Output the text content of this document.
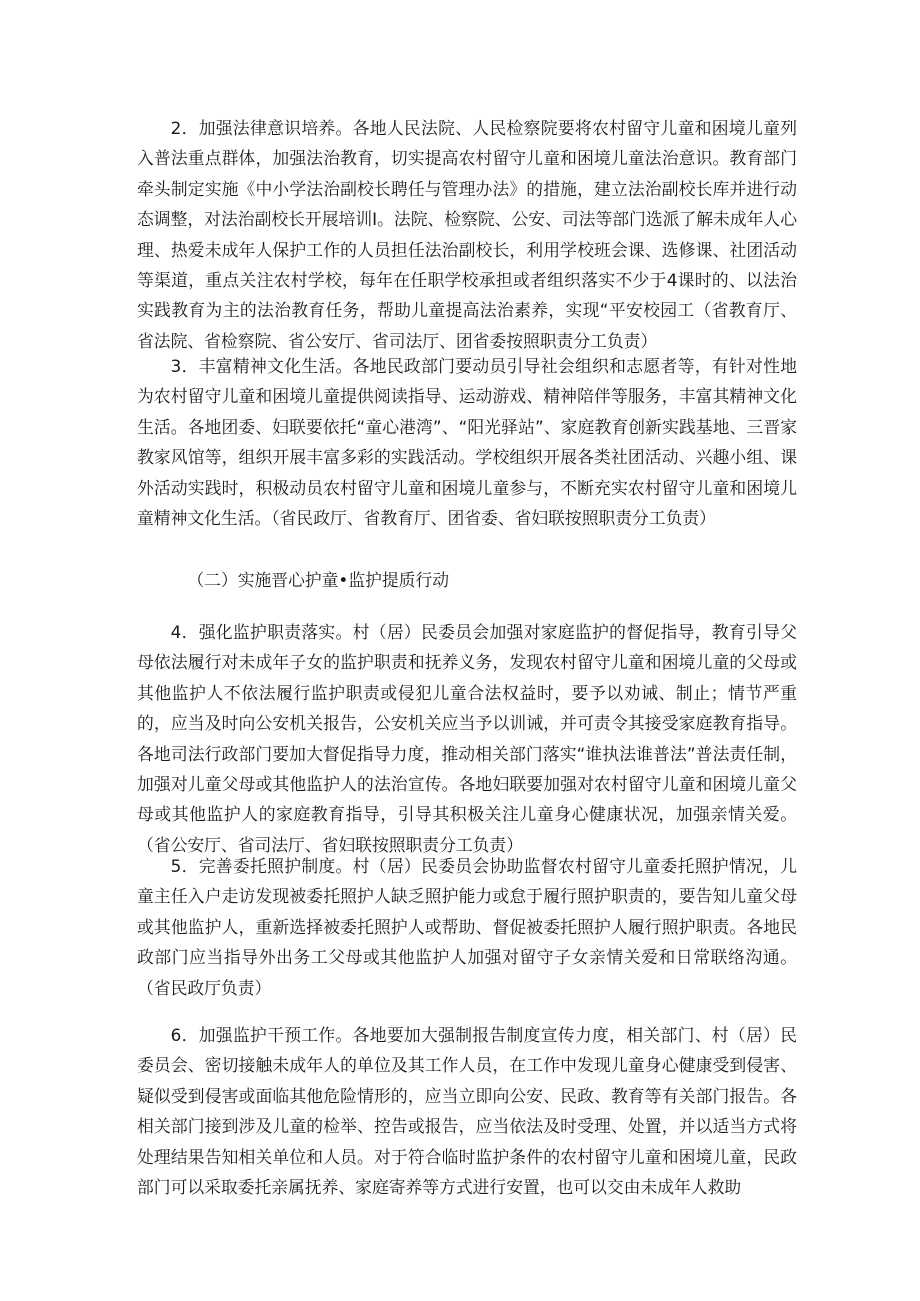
2．加强法律意识培养。各地人民法院、人民检察院要将农村留守儿童和困境儿童列入普法重点群体，加强法治教育，切实提高农村留守儿童和困境儿童法治意识。教育部门牵头制定实施《中小学法治副校长聘任与管理办法》的措施，建立法治副校长库并进行动态调整，对法治副校长开展培训Ⅰ。法院、检察院、公安、司法等部门选派了解未成年人心理、热爱未成年人保护工作的人员担任法治副校长，利用学校班会课、选修课、社团活动等渠道，重点关注农村学校，每年在任职学校承担或者组织落实不少于4课时的、以法治实践教育为主的法治教育任务，帮助儿童提高法治素养，实现“平安校园工（省教育厅、省法院、省检察院、省公安厅、省司法厅、团省委按照职责分工负责）

3．丰富精神文化生活。各地民政部门要动员引导社会组织和志愿者等，有针对性地为农村留守儿童和困境儿童提供阅读指导、运动游戏、精神陪伴等服务，丰富其精神文化生活。各地团委、妇联要依托“童心港湾”、“阳光驿站”、家庭教育创新实践基地、三晋家教家风馆等，组织开展丰富多彩的实践活动。学校组织开展各类社团活动、兴趣小组、课外活动实践时，积极动员农村留守儿童和困境儿童参与，不断充实农村留守儿童和困境儿童精神文化生活。（省民政厅、省教育厅、团省委、省妇联按照职责分工负责）

（二）实施晋心护童•监护提质行动

4．强化监护职责落实。村（居）民委员会加强对家庭监护的督促指导，教育引导父母依法履行对未成年子女的监护职责和抚养义务，发现农村留守儿童和困境儿童的父母或其他监护人不依法履行监护职责或侵犯儿童合法权益时，要予以劝诫、制止；情节严重的，应当及时向公安机关报告，公安机关应当予以训诫，并可责令其接受家庭教育指导。各地司法行政部门要加大督促指导力度，推动相关部门落实“谁执法谁普法”普法责任制，加强对儿童父母或其他监护人的法治宣传。各地妇联要加强对农村留守儿童和困境儿童父母或其他监护人的家庭教育指导，引导其积极关注儿童身心健康状况，加强亲情关爱。（省公安厅、省司法厅、省妇联按照职责分工负责）

5．完善委托照护制度。村（居）民委员会协助监督农村留守儿童委托照护情况，儿童主任入户走访发现被委托照护人缺乏照护能力或怠于履行照护职责的，要告知儿童父母或其他监护人，重新选择被委托照护人或帮助、督促被委托照护人履行照护职责。各地民政部门应当指导外出务工父母或其他监护人加强对留守子女亲情关爱和日常联络沟通。（省民政厅负责）

6．加强监护干预工作。各地要加大强制报告制度宣传力度，相关部门、村（居）民委员会、密切接触未成年人的单位及其工作人员，在工作中发现儿童身心健康受到侵害、疑似受到侵害或面临其他危险情形的，应当立即向公安、民政、教育等有关部门报告。各相关部门接到涉及儿童的检举、控告或报告，应当依法及时受理、处置，并以适当方式将处理结果告知相关单位和人员。对于符合临时监护条件的农村留守儿童和困境儿童，民政部门可以采取委托亲属抚养、家庭寄养等方式进行安置，也可以交由未成年人救助
